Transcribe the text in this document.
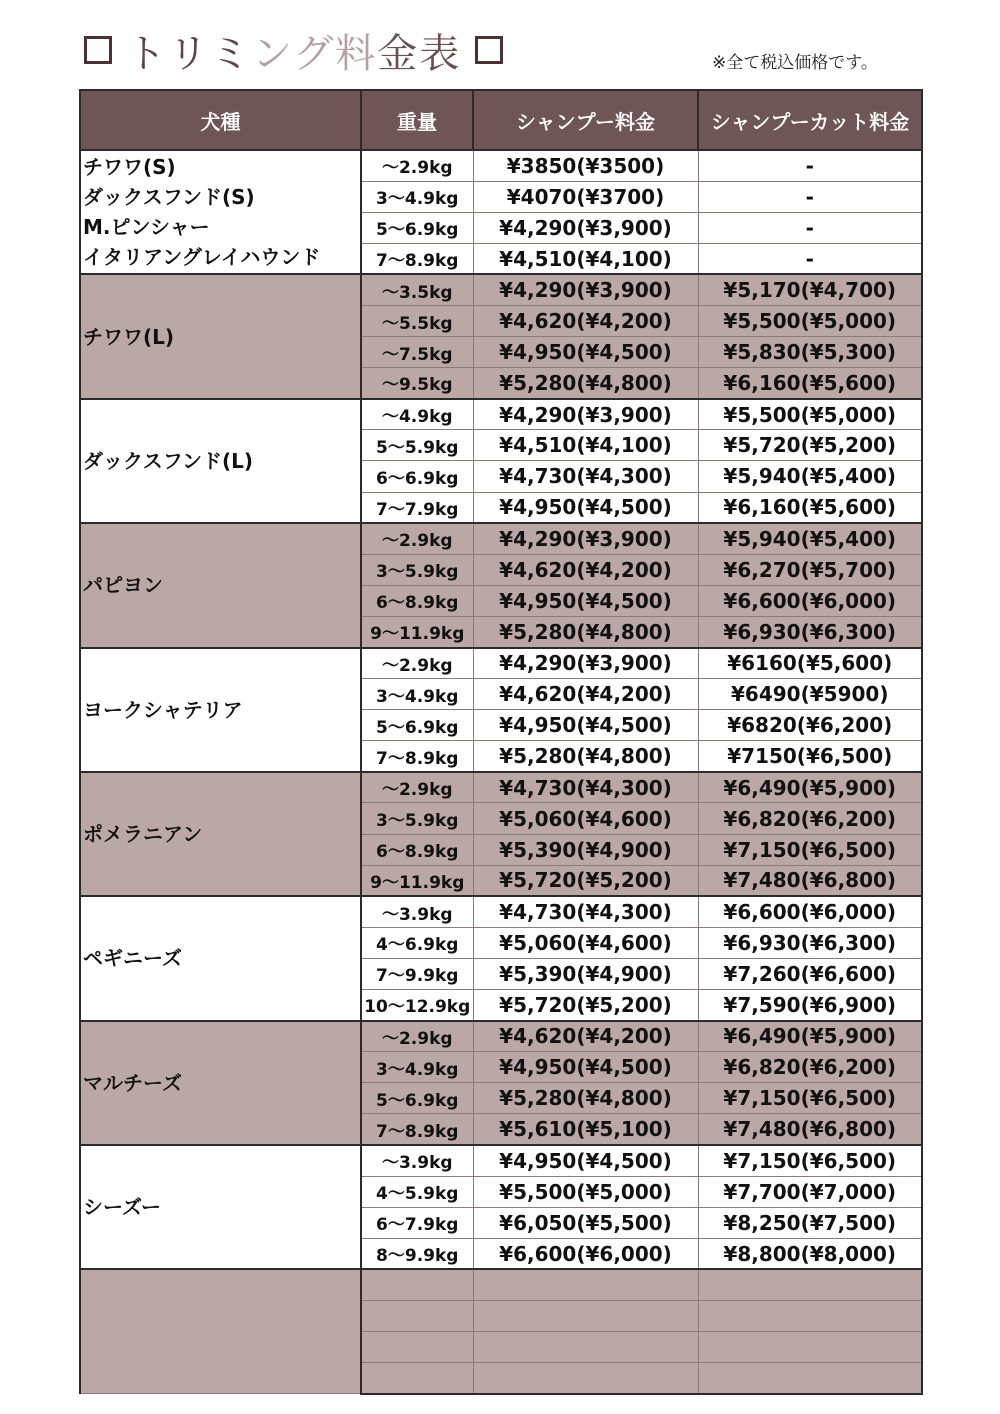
トリミング料金表	※全て税込価格です。
犬種	重量	シャンプー料金	シャンプーカット料金

チワワ(S)
ダックスフンド(S)
M.ピンシャー
イタリアングレイハウンド	～2.9kg	¥3850(¥3500)	-
	3～4.9kg	¥4070(¥3700)	-
	5～6.9kg	¥4,290(¥3,900)	-
	7～8.9kg	¥4,510(¥4,100)	-

チワワ(L)	～3.5kg	¥4,290(¥3,900)	¥5,170(¥4,700)
	～5.5kg	¥4,620(¥4,200)	¥5,500(¥5,000)
	～7.5kg	¥4,950(¥4,500)	¥5,830(¥5,300)
	～9.5kg	¥5,280(¥4,800)	¥6,160(¥5,600)

ダックスフンド(L)	～4.9kg	¥4,290(¥3,900)	¥5,500(¥5,000)
	5～5.9kg	¥4,510(¥4,100)	¥5,720(¥5,200)
	6～6.9kg	¥4,730(¥4,300)	¥5,940(¥5,400)
	7～7.9kg	¥4,950(¥4,500)	¥6,160(¥5,600)

パピヨン	～2.9kg	¥4,290(¥3,900)	¥5,940(¥5,400)
	3～5.9kg	¥4,620(¥4,200)	¥6,270(¥5,700)
	6～8.9kg	¥4,950(¥4,500)	¥6,600(¥6,000)
	9～11.9kg	¥5,280(¥4,800)	¥6,930(¥6,300)

ヨークシャテリア	～2.9kg	¥4,290(¥3,900)	¥6160(¥5,600)
	3～4.9kg	¥4,620(¥4,200)	¥6490(¥5900)
	5～6.9kg	¥4,950(¥4,500)	¥6820(¥6,200)
	7～8.9kg	¥5,280(¥4,800)	¥7150(¥6,500)

ポメラニアン	～2.9kg	¥4,730(¥4,300)	¥6,490(¥5,900)
	3～5.9kg	¥5,060(¥4,600)	¥6,820(¥6,200)
	6～8.9kg	¥5,390(¥4,900)	¥7,150(¥6,500)
	9～11.9kg	¥5,720(¥5,200)	¥7,480(¥6,800)

ペギニーズ	～3.9kg	¥4,730(¥4,300)	¥6,600(¥6,000)
	4～6.9kg	¥5,060(¥4,600)	¥6,930(¥6,300)
	7～9.9kg	¥5,390(¥4,900)	¥7,260(¥6,600)
	10～12.9kg	¥5,720(¥5,200)	¥7,590(¥6,900)

マルチーズ	～2.9kg	¥4,620(¥4,200)	¥6,490(¥5,900)
	3～4.9kg	¥4,950(¥4,500)	¥6,820(¥6,200)
	5～6.9kg	¥5,280(¥4,800)	¥7,150(¥6,500)
	7～8.9kg	¥5,610(¥5,100)	¥7,480(¥6,800)

シーズー	～3.9kg	¥4,950(¥4,500)	¥7,150(¥6,500)
	4～5.9kg	¥5,500(¥5,000)	¥7,700(¥7,000)
	6～7.9kg	¥6,050(¥5,500)	¥8,250(¥7,500)
	8～9.9kg	¥6,600(¥6,000)	¥8,800(¥8,000)
